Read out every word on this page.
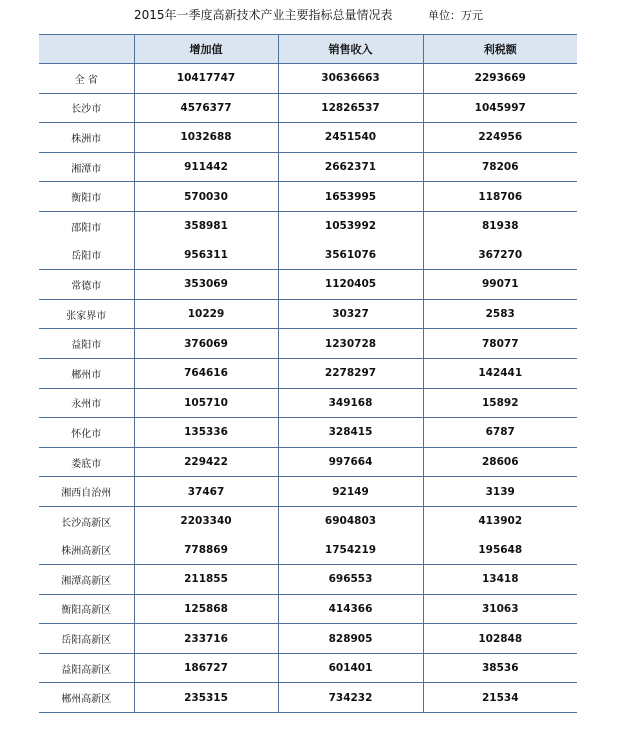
2015年一季度高新技术产业主要指标总量情况表	单位：万元
	增加值	销售收入	利税额
全 省	10417747	30636663	2293669
长沙市	4576377	12826537	1045997
株洲市	1032688	2451540	224956
湘潭市	911442	2662371	78206
衡阳市	570030	1653995	118706
邵阳市	358981	1053992	81938
岳阳市	956311	3561076	367270
常德市	353069	1120405	99071
张家界市	10229	30327	2583
益阳市	376069	1230728	78077
郴州市	764616	2278297	142441
永州市	105710	349168	15892
怀化市	135336	328415	6787
娄底市	229422	997664	28606
湘西自治州	37467	92149	3139
长沙高新区	2203340	6904803	413902
株洲高新区	778869	1754219	195648
湘潭高新区	211855	696553	13418
衡阳高新区	125868	414366	31063
岳阳高新区	233716	828905	102848
益阳高新区	186727	601401	38536
郴州高新区	235315	734232	21534
